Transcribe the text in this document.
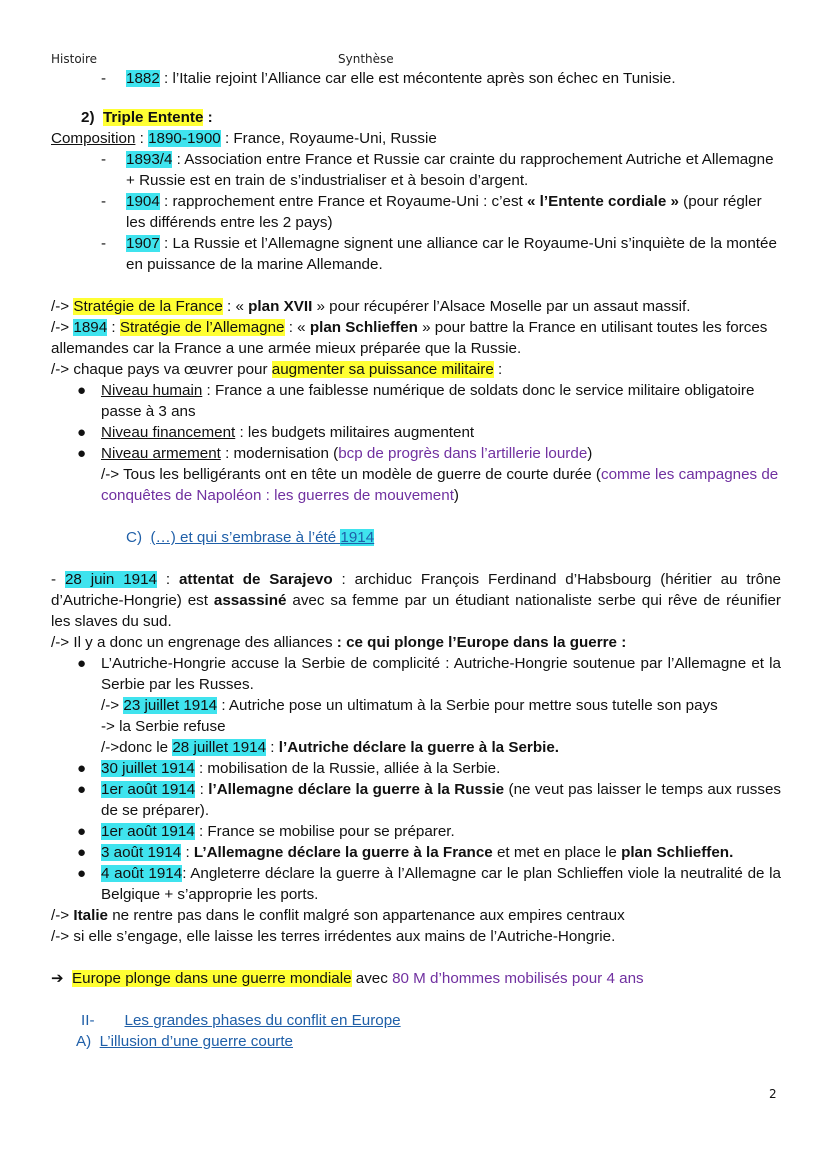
Histoire	Synthèse
- 1882 : l’Italie rejoint l’Alliance car elle est mécontente après son échec en Tunisie.
2) Triple Entente :
Composition : 1890-1900 : France, Royaume-Uni, Russie
- 1893/4 : Association entre France et Russie car crainte du rapprochement Autriche et Allemagne + Russie est en train de s’industrialiser et à besoin d’argent.
- 1904 : rapprochement entre France et Royaume-Uni : c’est « l’Entente cordiale » (pour régler les différends entre les 2 pays)
- 1907 : La Russie et l’Allemagne signent une alliance car le Royaume-Uni s’inquiète de la montée en puissance de la marine Allemande.
/-> Stratégie de la France : « plan XVII » pour récupérer l’Alsace Moselle par un assaut massif.
/-> 1894 : Stratégie de l’Allemagne : « plan Schlieffen » pour battre la France en utilisant toutes les forces allemandes car la France a une armée mieux préparée que la Russie.
/-> chaque pays va œuvrer pour augmenter sa puissance militaire :
● Niveau humain : France a une faiblesse numérique de soldats donc le service militaire obligatoire passe à 3 ans
● Niveau financement : les budgets militaires augmentent
● Niveau armement : modernisation (bcp de progrès dans l’artillerie lourde)
/-> Tous les belligérants ont en tête un modèle de guerre de courte durée (comme les campagnes de conquêtes de Napoléon : les guerres de mouvement)
C) (…) et qui s’embrase à l’été 1914
- 28 juin 1914 : attentat de Sarajevo : archiduc François Ferdinand d’Habsbourg (héritier au trône d’Autriche-Hongrie) est assassiné avec sa femme par un étudiant nationaliste serbe qui rêve de réunifier les slaves du sud.
/-> Il y a donc un engrenage des alliances : ce qui plonge l’Europe dans la guerre :
● L’Autriche-Hongrie accuse la Serbie de complicité : Autriche-Hongrie soutenue par l’Allemagne et la Serbie par les Russes.
/-> 23 juillet 1914 : Autriche pose un ultimatum à la Serbie pour mettre sous tutelle son pays
-> la Serbie refuse
/->donc le 28 juillet 1914 : l’Autriche déclare la guerre à la Serbie.
● 30 juillet 1914 : mobilisation de la Russie, alliée à la Serbie.
● 1er août 1914 : l’Allemagne déclare la guerre à la Russie (ne veut pas laisser le temps aux russes de se préparer).
● 1er août 1914 : France se mobilise pour se préparer.
● 3 août 1914 : L’Allemagne déclare la guerre à la France et met en place le plan Schlieffen.
● 4 août 1914: Angleterre déclare la guerre à l’Allemagne car le plan Schlieffen viole la neutralité de la Belgique + s’approprie les ports.
/-> Italie ne rentre pas dans le conflit malgré son appartenance aux empires centraux
/-> si elle s’engage, elle laisse les terres irrédentes aux mains de l’Autriche-Hongrie.
➔ Europe plonge dans une guerre mondiale avec 80 M d’hommes mobilisés pour 4 ans
II- Les grandes phases du conflit en Europe
A) L’illusion d’une guerre courte
2
